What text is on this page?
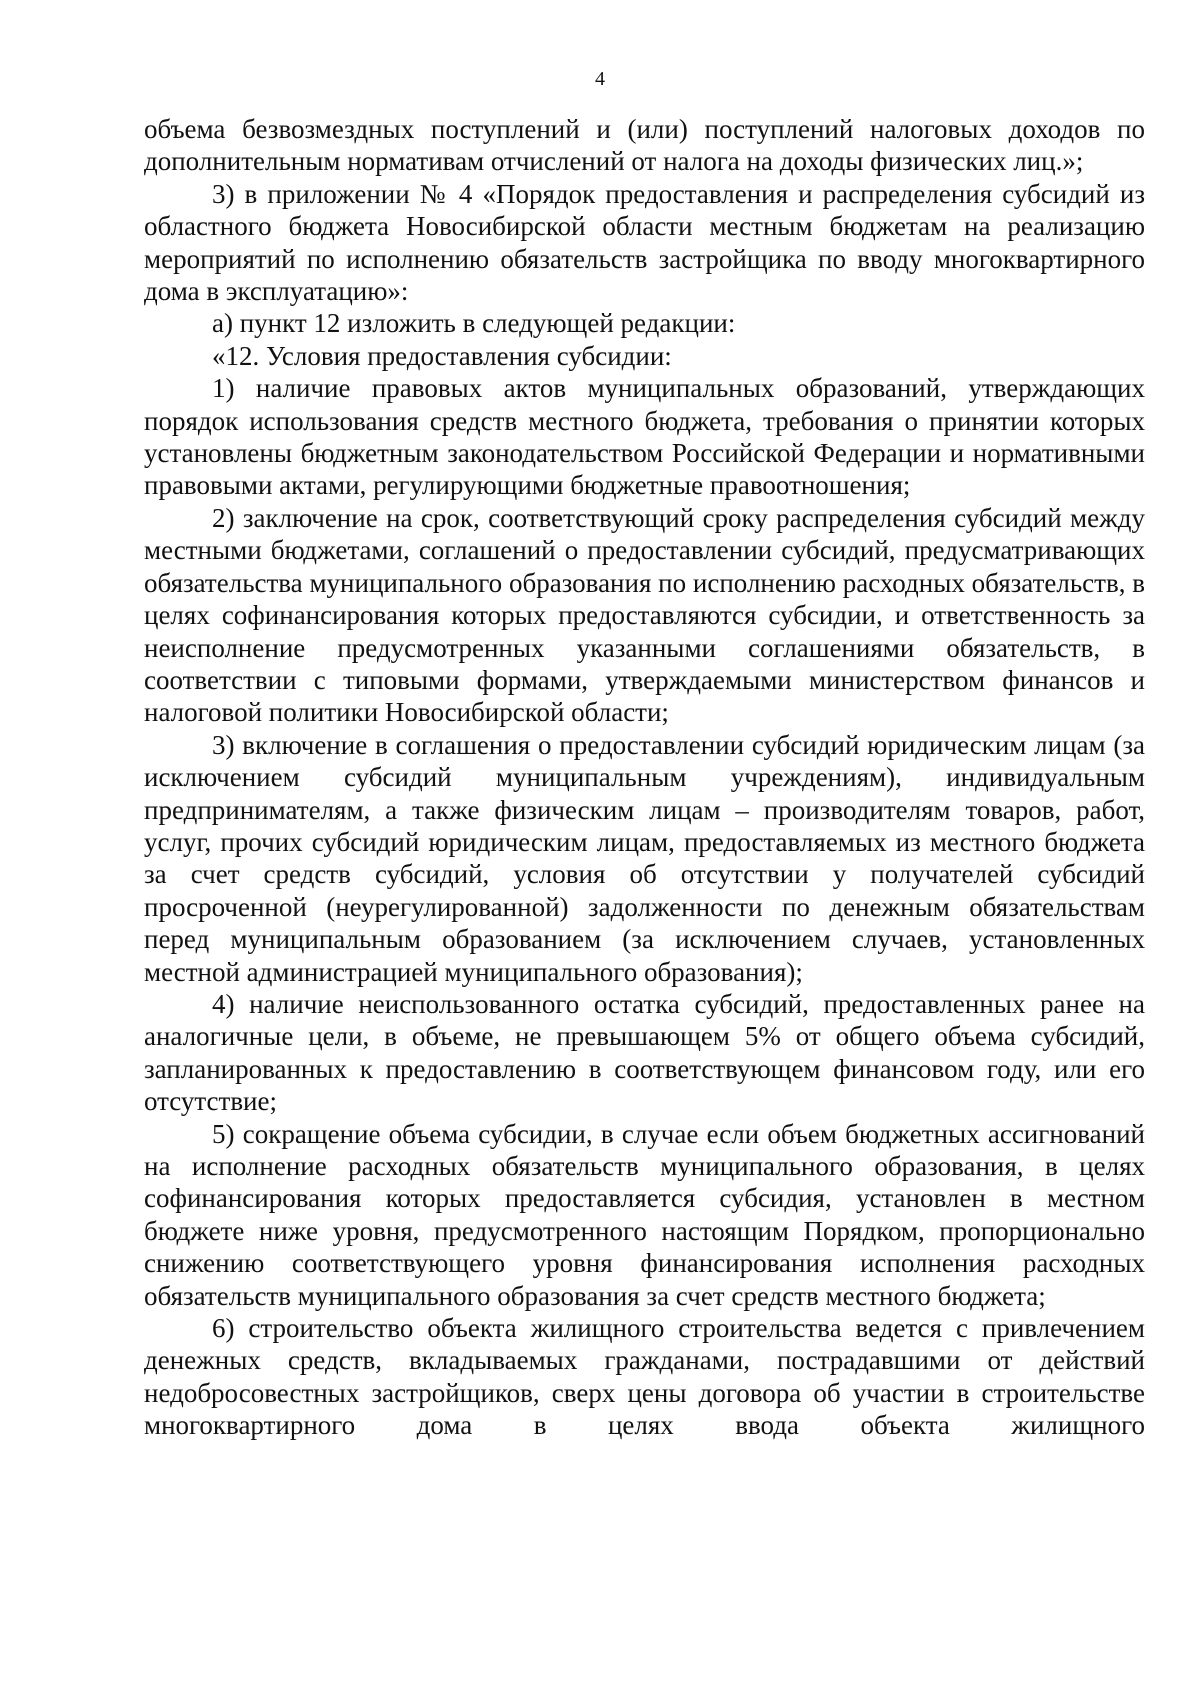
4

объема безвозмездных поступлений и (или) поступлений налоговых доходов по дополнительным нормативам отчислений от налога на доходы физических лиц.»;

3) в приложении № 4 «Порядок предоставления и распределения субсидий из областного бюджета Новосибирской области местным бюджетам на реализацию мероприятий по исполнению обязательств застройщика по вводу многоквартирного дома в эксплуатацию»:

а) пункт 12 изложить в следующей редакции:

«12. Условия предоставления субсидии:

1) наличие правовых актов муниципальных образований, утверждающих порядок использования средств местного бюджета, требования о принятии которых установлены бюджетным законодательством Российской Федерации и нормативными правовыми актами, регулирующими бюджетные правоотношения;

2) заключение на срок, соответствующий сроку распределения субсидий между местными бюджетами, соглашений о предоставлении субсидий, предусматривающих обязательства муниципального образования по исполнению расходных обязательств, в целях софинансирования которых предоставляются субсидии, и ответственность за неисполнение предусмотренных указанными соглашениями обязательств, в соответствии с типовыми формами, утверждаемыми министерством финансов и налоговой политики Новосибирской области;

3) включение в соглашения о предоставлении субсидий юридическим лицам (за исключением субсидий муниципальным учреждениям), индивидуальным предпринимателям, а также физическим лицам – производителям товаров, работ, услуг, прочих субсидий юридическим лицам, предоставляемых из местного бюджета за счет средств субсидий, условия об отсутствии у получателей субсидий просроченной (неурегулированной) задолженности по денежным обязательствам перед муниципальным образованием (за исключением случаев, установленных местной администрацией муниципального образования);

4) наличие неиспользованного остатка субсидий, предоставленных ранее на аналогичные цели, в объеме, не превышающем 5% от общего объема субсидий, запланированных к предоставлению в соответствующем финансовом году, или его отсутствие;

5) сокращение объема субсидии, в случае если объем бюджетных ассигнований на исполнение расходных обязательств муниципального образования, в целях софинансирования которых предоставляется субсидия, установлен в местном бюджете ниже уровня, предусмотренного настоящим Порядком, пропорционально снижению соответствующего уровня финансирования исполнения расходных обязательств муниципального образования за счет средств местного бюджета;

6) строительство объекта жилищного строительства ведется с привлечением денежных средств, вкладываемых гражданами, пострадавшими от действий недобросовестных застройщиков, сверх цены договора об участии в строительстве многоквартирного дома в целях ввода объекта жилищного
